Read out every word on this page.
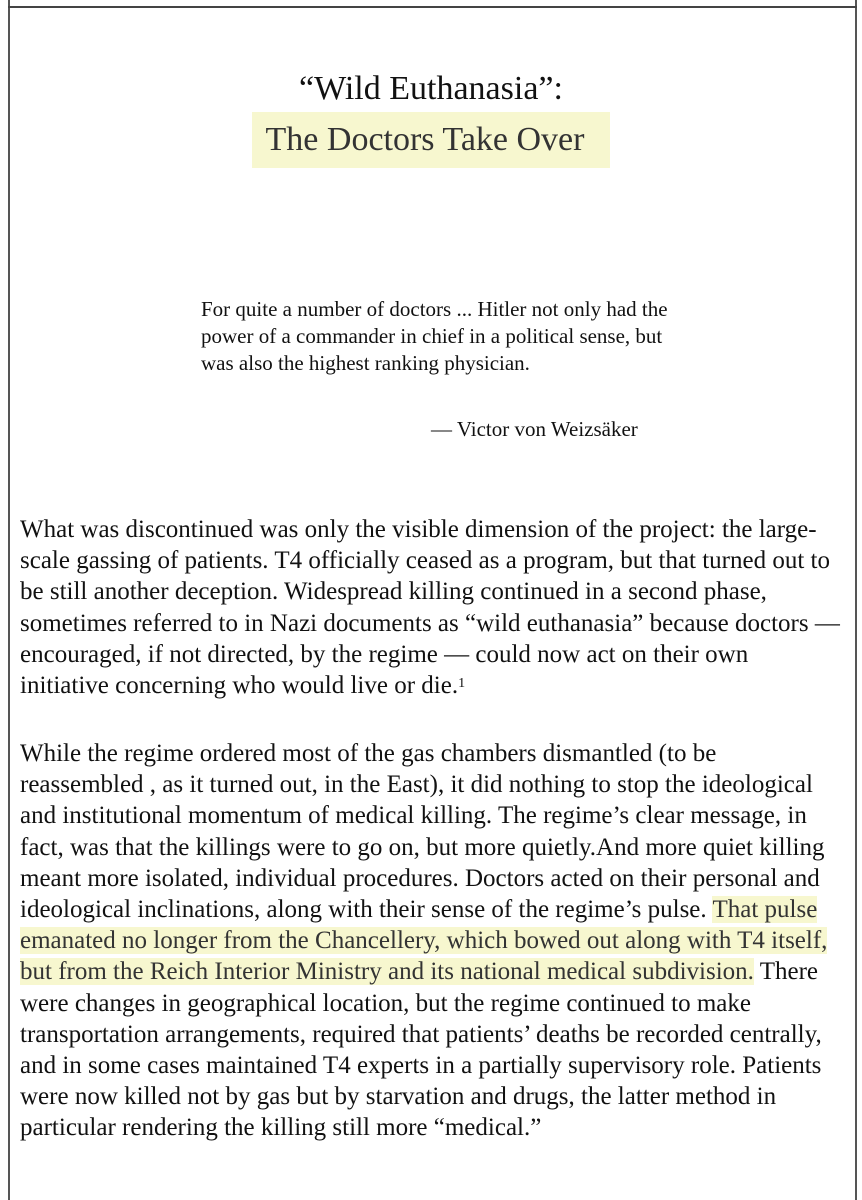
“Wild Euthanasia”:
The Doctors Take Over
For quite a number of doctors ... Hitler not only had the power of a commander in chief in a political sense, but was also the highest ranking physician.
— Victor von Weizsäker

What was discontinued was only the visible dimension of the project: the large-scale gassing of patients. T4 officially ceased as a program, but that turned out to be still another deception. Widespread killing continued in a second phase, sometimes referred to in Nazi documents as “wild euthanasia” because doctors — encouraged, if not directed, by the regime — could now act on their own initiative concerning who would live or die.$^1$

While the regime ordered most of the gas chambers dismantled (to be reassembled , as it turned out, in the East), it did nothing to stop the ideological and institutional momentum of medical killing. The regime’s clear message, in fact, was that the killings were to go on, but more quietly.And more quiet killing meant more isolated, individual procedures. Doctors acted on their personal and ideological inclinations, along with their sense of the regime’s pulse. That pulse emanated no longer from the Chancellery, which bowed out along with T4 itself, but from the Reich Interior Ministry and its national medical subdivision. There were changes in geographical location, but the regime continued to make transportation arrangements, required that patients’ deaths be recorded centrally, and in some cases maintained T4 experts in a partially supervisory role. Patients were now killed not by gas but by starvation and drugs, the latter method in particular rendering the killing still more “medical.”
